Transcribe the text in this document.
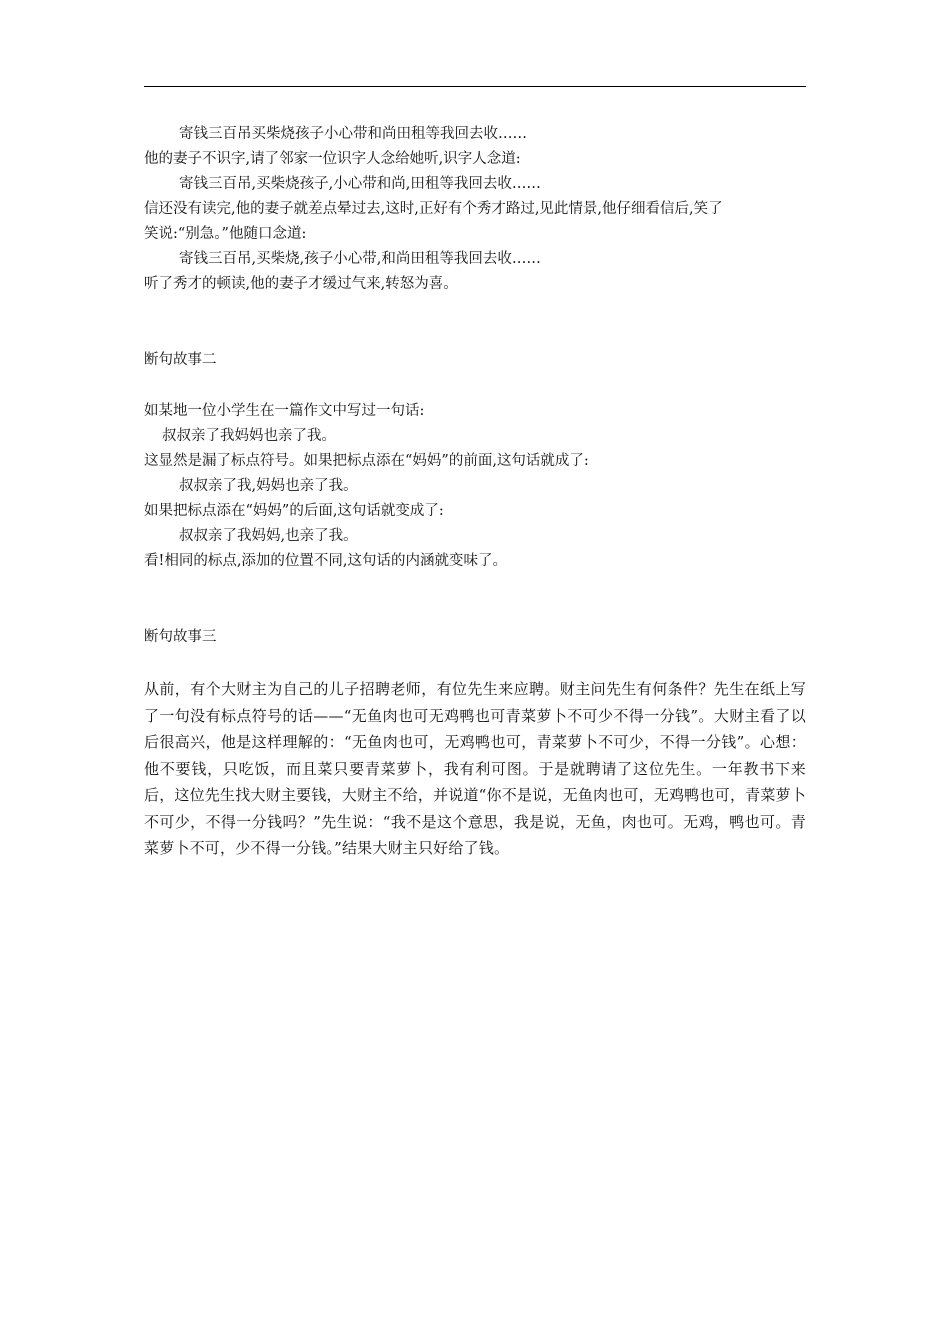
寄钱三百吊买柴烧孩子小心带和尚田租等我回去收……
他的妻子不识字,请了邻家一位识字人念给她听,识字人念道:
寄钱三百吊,买柴烧孩子,小心带和尚,田租等我回去收……
信还没有读完,他的妻子就差点晕过去,这时,正好有个秀才路过,见此情景,他仔细看信后,笑了
笑说:“别急。”他随口念道:
寄钱三百吊,买柴烧,孩子小心带,和尚田租等我回去收……
听了秀才的顿读,他的妻子才缓过气来,转怒为喜。
断句故事二
如某地一位小学生在一篇作文中写过一句话:
叔叔亲了我妈妈也亲了我。
这显然是漏了标点符号。如果把标点添在“妈妈”的前面,这句话就成了:
叔叔亲了我,妈妈也亲了我。
如果把标点添在“妈妈”的后面,这句话就变成了:
叔叔亲了我妈妈,也亲了我。
看!相同的标点,添加的位置不同,这句话的内涵就变味了。
断句故事三
从前，有个大财主为自己的儿子招聘老师，有位先生来应聘。财主问先生有何条件？先生在纸上写了一句没有标点符号的话——“无鱼肉也可无鸡鸭也可青菜萝卜不可少不得一分钱”。大财主看了以后很高兴，他是这样理解的：“无鱼肉也可，无鸡鸭也可，青菜萝卜不可少，不得一分钱”。心想：他不要钱，只吃饭，而且菜只要青菜萝卜，我有利可图。于是就聘请了这位先生。一年教书下来后，这位先生找大财主要钱，大财主不给，并说道“你不是说，无鱼肉也可，无鸡鸭也可，青菜萝卜不可少，不得一分钱吗？”先生说：“我不是这个意思，我是说，无鱼，肉也可。无鸡，鸭也可。青菜萝卜不可，少不得一分钱。”结果大财主只好给了钱。
